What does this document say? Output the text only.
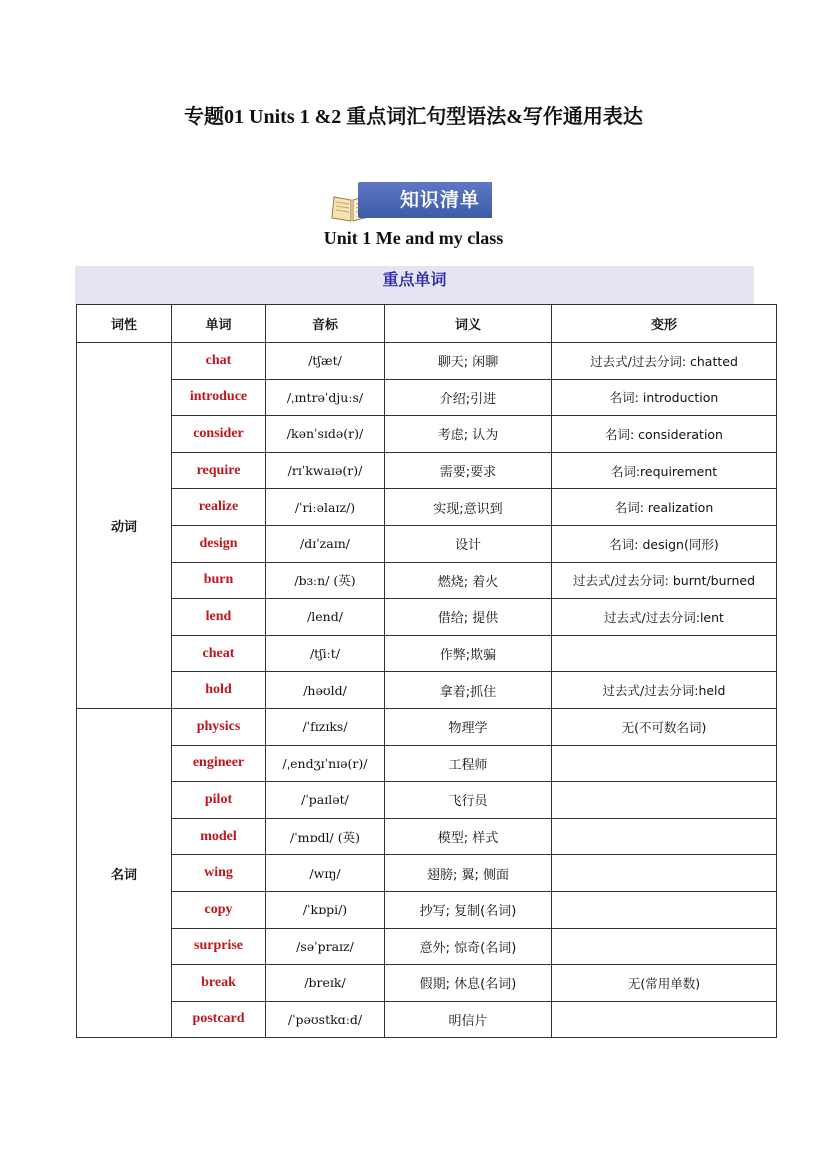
专题01 Units 1 &2 重点词汇句型语法&写作通用表达
知识清单
Unit 1 Me and my class
重点单词
词性	单词	音标	词义	变形
动词	chat	/tʃæt/	聊天; 闲聊	过去式/过去分词: chatted
	introduce	/ˌɪntrəˈdjuːs/	介绍;引进	名词: introduction
	consider	/kənˈsɪdə(r)/	考虑; 认为	名词: consideration
	require	/rɪˈkwaɪə(r)/	需要;要求	名词:requirement
	realize	/ˈriːəlaɪz/)	实现;意识到	名词: realization
	design	/dɪˈzaɪn/	设计	名词: design(同形)
	burn	/bɜːn/ (英)	燃烧; 着火	过去式/过去分词: burnt/burned
	lend	/lend/	借给; 提供	过去式/过去分词:lent
	cheat	/tʃiːt/	作弊;欺骗	
	hold	/həʊld/	拿着;抓住	过去式/过去分词:held
名词	physics	/ˈfɪzɪks/	物理学	无(不可数名词)
	engineer	/ˌendʒɪˈnɪə(r)/	工程师	
	pilot	/ˈpaɪlət/	飞行员	
	model	/ˈmɒdl/ (英)	模型; 样式	
	wing	/wɪŋ/	翅膀; 翼; 侧面	
	copy	/ˈkɒpi/)	抄写; 复制(名词)	
	surprise	/səˈpraɪz/	意外; 惊奇(名词)	
	break	/breɪk/	假期; 休息(名词)	无(常用单数)
	postcard	/ˈpəʊstkɑːd/	明信片	
